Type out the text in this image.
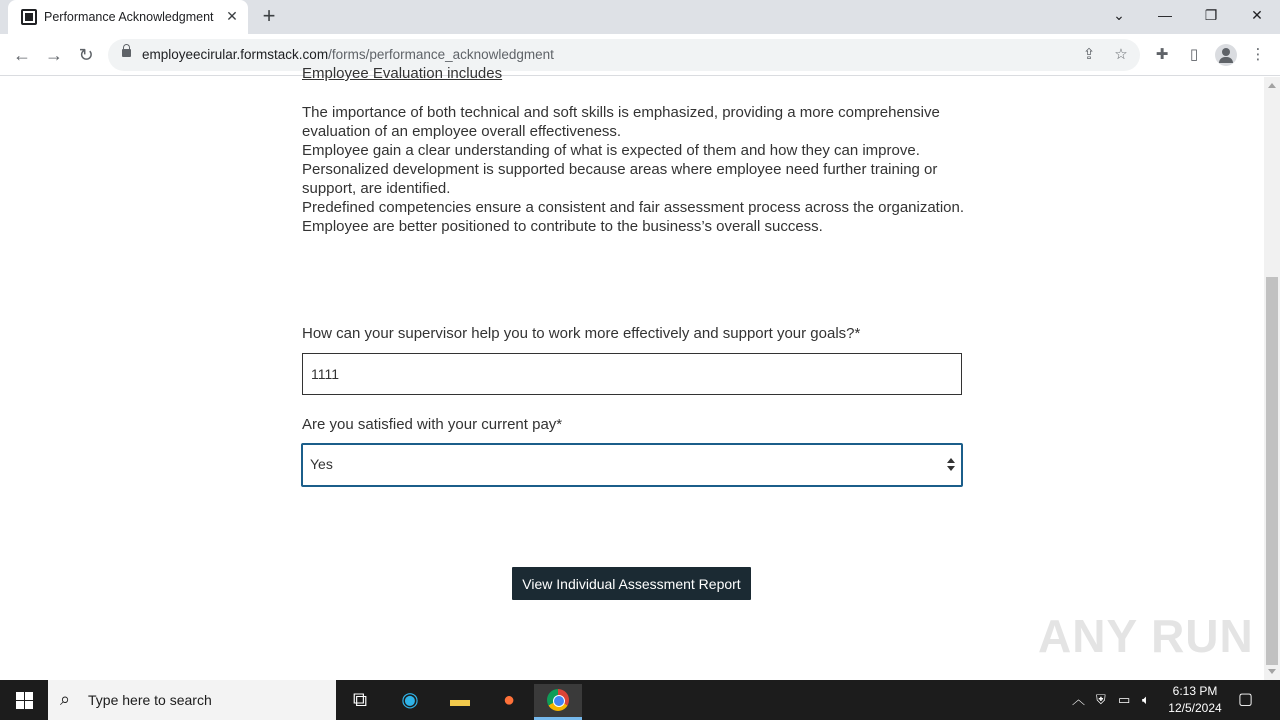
Performance Acknowledgment ✕ +	⌄	—	❐	✕
← → ↻	employeecirular.formstack.com/forms/performance_acknowledgment	⇪ ☆ ✚	▯	⋮
Employee Evaluation includes

The importance of both technical and soft skills is emphasized, providing a more comprehensive evaluation of an employee overall effectiveness.

Employee gain a clear understanding of what is expected of them and how they can improve.

Personalized development is supported because areas where employee need further training or support, are identified.

Predefined competencies ensure a consistent and fair assessment process across the organization.

Employee are better positioned to contribute to the business’s overall success.

How can your supervisor help you to work more effectively and support your goals?*
1111
Are you satisfied with your current pay*
Yes
View Individual Assessment Report
ANY RUN
⌕ Type here to search	⧉	◉	▬	●	︿ ⛨ ▭ 🔈︎
6:13 PM
12/5/2024 ▢
